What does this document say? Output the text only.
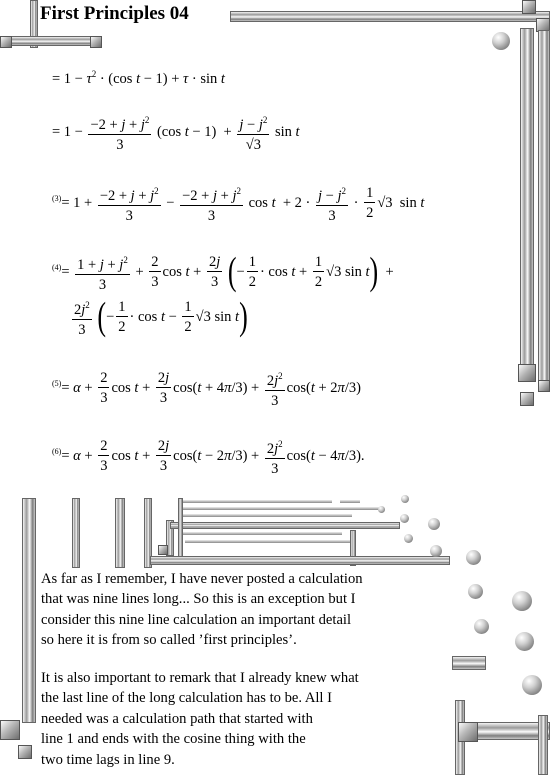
First Principles 04
= $1 - \tau^2 \cdot (\cos$ t − 1) + τ · sin t
= $1 - \frac{-2 + j + j^2}{3} (\cos$ $t - 1) + \frac{j - j^2}{√3}$ sin t
$^{(3)}= 1 + \frac{-2 + j + j^2}{3} - \frac{-2 + j + j^2}{3}$ $\cos t + 2 \cdot \frac{j - j^2}{3} \cdot \frac{1}{2} √3$  sin t
$^{(4)}= \frac{1 + j + j^2}{3} + \frac{2}{3}$ $\cos t + \frac{2j}{3}$ (− $\frac{1}{2} \cdot \cos t + \frac{1}{2} √3$ sin t)  +
$\frac{2j^2}{3}$ (− $\frac{1}{2} \cdot \cos t - \frac{1}{2} √3$ sin t)
$^{(5)}= \alpha + \frac{2}{3}$ $\cos t + \frac{2j}{3} \cos(t + 4\pi/3) + \frac{2j^2}{3} \cos(t + 2\pi/3)$
$^{(6)}= \alpha + \frac{2}{3}$ $\cos t + \frac{2j}{3} \cos(t - 2\pi/3) + \frac{2j^2}{3} \cos(t - 4\pi/3)$.
As far as I remember, I have never posted a calculation
that was nine lines long... So this is an exception but I
consider this nine line calculation an important detail
so here it is from so called ’first principles’.
It is also important to remark that I already knew what
the last line of the long calculation has to be. All I
needed was a calculation path that started with
line 1 and ends with the cosine thing with the
two time lags in line 9.
